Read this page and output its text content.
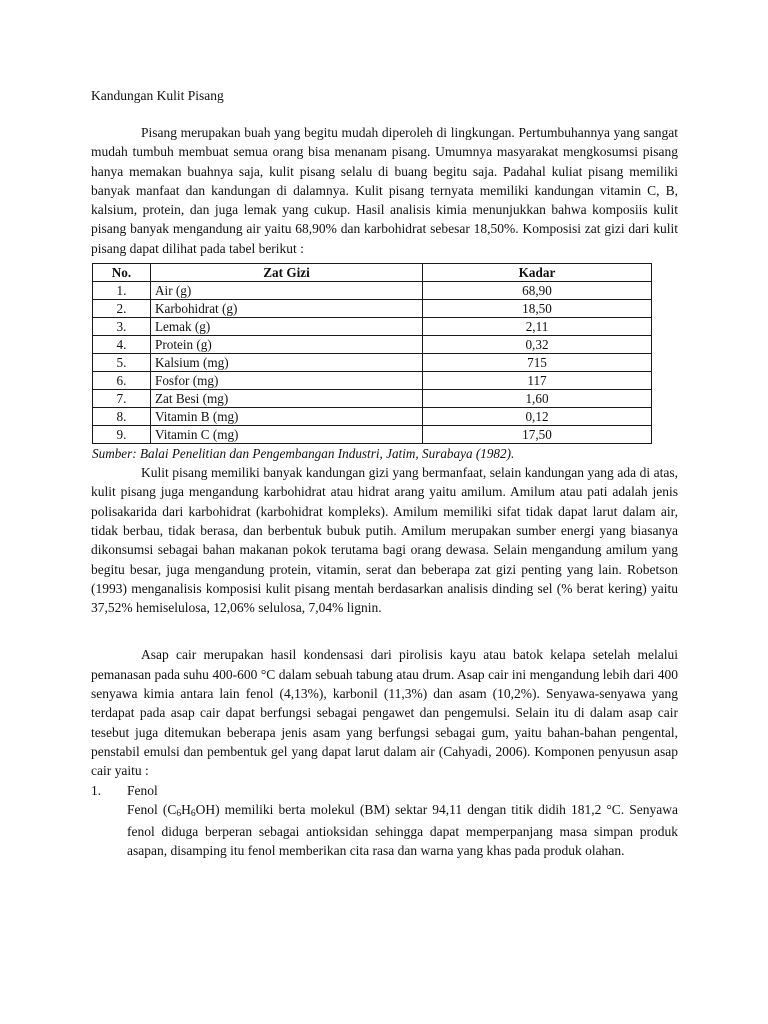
Kandungan Kulit Pisang

Pisang merupakan buah yang begitu mudah diperoleh di lingkungan. Pertumbuhannya yang sangat mudah tumbuh membuat semua orang bisa menanam pisang. Umumnya masyarakat mengkosumsi pisang hanya memakan buahnya saja, kulit pisang selalu di buang begitu saja. Padahal kuliat pisang memiliki banyak manfaat dan kandungan di dalamnya. Kulit pisang ternyata memiliki kandungan vitamin C, B, kalsium, protein, dan juga lemak yang cukup. Hasil analisis kimia menunjukkan bahwa komposiis kulit pisang banyak mengandung air yaitu 68,90% dan karbohidrat sebesar 18,50%. Komposisi zat gizi dari kulit pisang dapat dilihat pada tabel berikut :

No.	Zat Gizi	Kadar
1.	Air (g)	68,90
2.	Karbohidrat (g)	18,50
3.	Lemak (g)	2,11
4.	Protein (g)	0,32
5.	Kalsium (mg)	715
6.	Fosfor (mg)	117
7.	Zat Besi (mg)	1,60
8.	Vitamin B (mg)	0,12
9.	Vitamin C (mg)	17,50
Sumber: Balai Penelitian dan Pengembangan Industri, Jatim, Surabaya (1982).

Kulit pisang memiliki banyak kandungan gizi yang bermanfaat, selain kandungan yang ada di atas, kulit pisang juga mengandung karbohidrat atau hidrat arang yaitu amilum. Amilum atau pati adalah jenis polisakarida dari karbohidrat (karbohidrat kompleks). Amilum memiliki sifat tidak dapat larut dalam air, tidak berbau, tidak berasa, dan berbentuk bubuk putih. Amilum merupakan sumber energi yang biasanya dikonsumsi sebagai bahan makanan pokok terutama bagi orang dewasa. Selain mengandung amilum yang begitu besar, juga mengandung protein, vitamin, serat dan beberapa zat gizi penting yang lain. Robetson (1993) menganalisis komposisi kulit pisang mentah berdasarkan analisis dinding sel (% berat kering) yaitu 37,52% hemiselulosa, 12,06% selulosa, 7,04% lignin.

Asap cair merupakan hasil kondensasi dari pirolisis kayu atau batok kelapa setelah melalui pemanasan pada suhu 400-600 °C dalam sebuah tabung atau drum. Asap cair ini mengandung lebih dari 400 senyawa kimia antara lain fenol (4,13%), karbonil (11,3%) dan asam (10,2%). Senyawa-senyawa yang terdapat pada asap cair dapat berfungsi sebagai pengawet dan pengemulsi. Selain itu di dalam asap cair tesebut juga ditemukan beberapa jenis asam yang berfungsi sebagai gum, yaitu bahan-bahan pengental, penstabil emulsi dan pembentuk gel yang dapat larut dalam air (Cahyadi, 2006). Komponen penyusun asap cair yaitu :

1.	Fenol
Fenol $(C_6H_6OH)$ memiliki berta molekul (BM) sektar 94,11 dengan titik didih 181,2 °C. Senyawa fenol diduga berperan sebagai antioksidan sehingga dapat memperpanjang masa simpan produk asapan, disamping itu fenol memberikan cita rasa dan warna yang khas pada produk olahan.
